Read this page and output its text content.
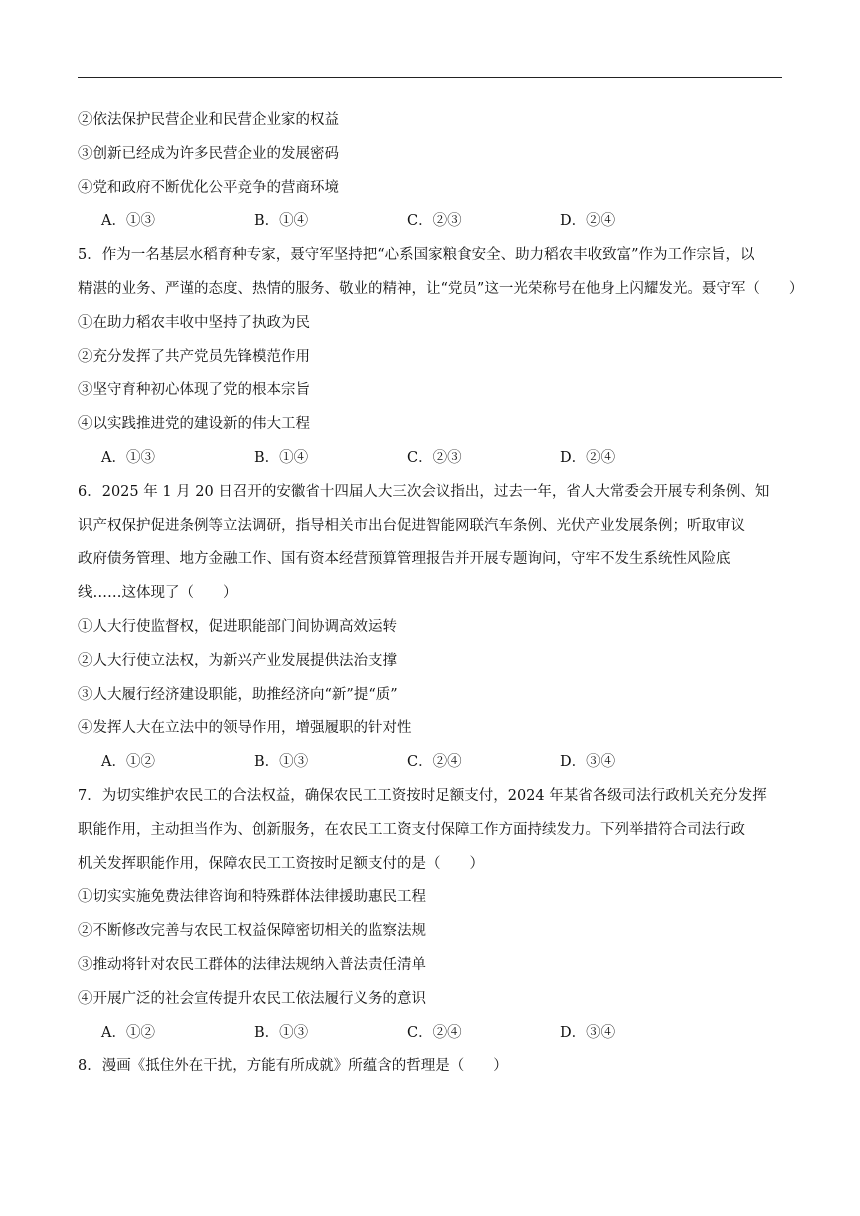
②依法保护民营企业和民营企业家的权益
③创新已经成为许多民营企业的发展密码
④党和政府不断优化公平竞争的营商环境
A．①③	B．①④	C．②③	D．②④
5．作为一名基层水稻育种专家，聂守军坚持把“心系国家粮食安全、助力稻农丰收致富”作为工作宗旨，以
精湛的业务、严谨的态度、热情的服务、敬业的精神，让“党员”这一光荣称号在他身上闪耀发光。聂守军（　　）
①在助力稻农丰收中坚持了执政为民
②充分发挥了共产党员先锋模范作用
③坚守育种初心体现了党的根本宗旨
④以实践推进党的建设新的伟大工程
A．①③	B．①④	C．②③	D．②④
6．2025 年 1 月 20 日召开的安徽省十四届人大三次会议指出，过去一年，省人大常委会开展专利条例、知
识产权保护促进条例等立法调研，指导相关市出台促进智能网联汽车条例、光伏产业发展条例；听取审议
政府债务管理、地方金融工作、国有资本经营预算管理报告并开展专题询问，守牢不发生系统性风险底
线……这体现了（　　）
①人大行使监督权，促进职能部门间协调高效运转
②人大行使立法权，为新兴产业发展提供法治支撑
③人大履行经济建设职能，助推经济向“新”提“质”
④发挥人大在立法中的领导作用，增强履职的针对性
A．①②	B．①③	C．②④	D．③④
7．为切实维护农民工的合法权益，确保农民工工资按时足额支付，2024 年某省各级司法行政机关充分发挥
职能作用，主动担当作为、创新服务，在农民工工资支付保障工作方面持续发力。下列举措符合司法行政
机关发挥职能作用，保障农民工工资按时足额支付的是（　　）
①切实实施免费法律咨询和特殊群体法律援助惠民工程
②不断修改完善与农民工权益保障密切相关的监察法规
③推动将针对农民工群体的法律法规纳入普法责任清单
④开展广泛的社会宣传提升农民工依法履行义务的意识
A．①②	B．①③	C．②④	D．③④
8．漫画《抵住外在干扰，方能有所成就》所蕴含的哲理是（　　）
